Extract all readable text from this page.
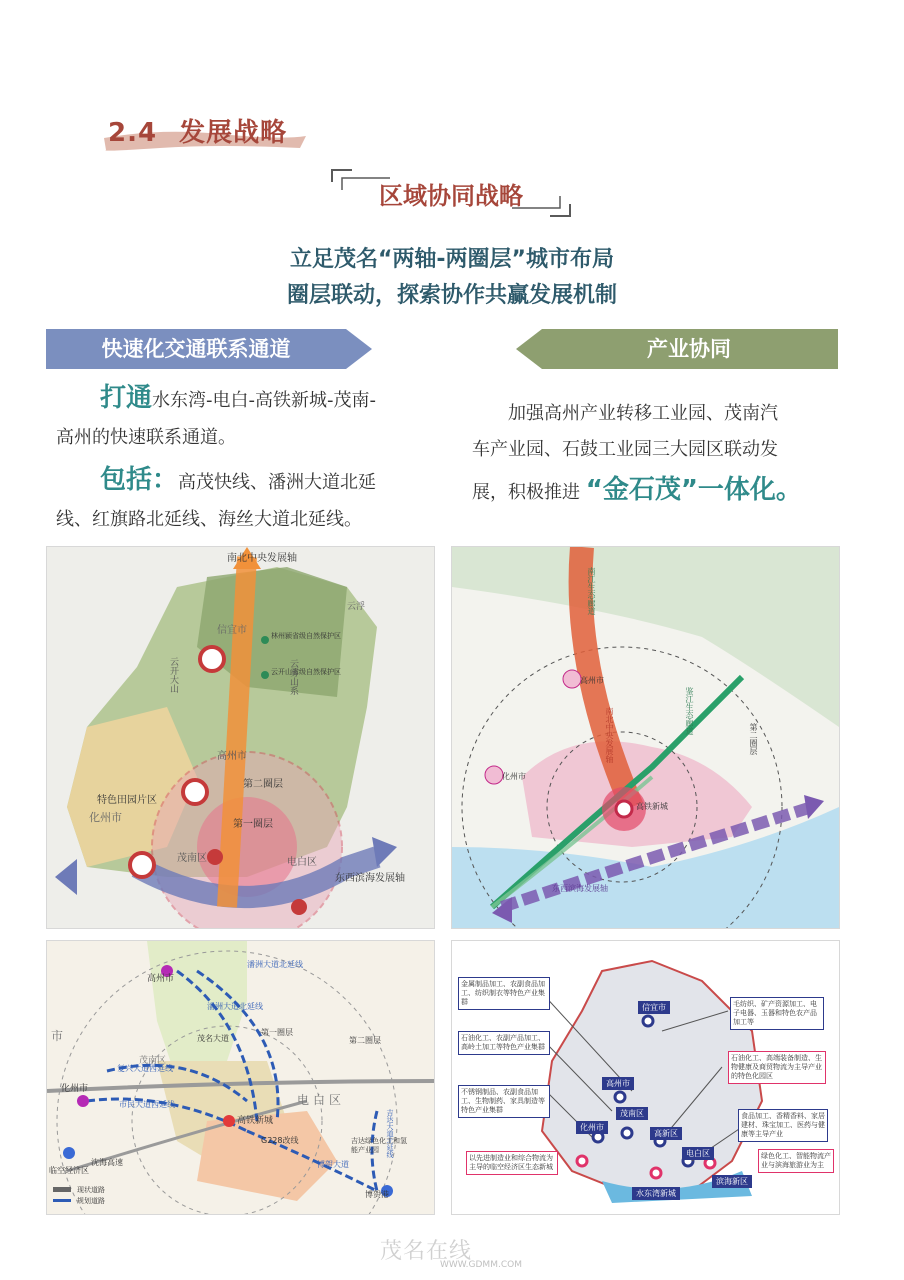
2.4 发展战略
区域协同战略
立足茂名“两轴-两圈层”城市布局
圈层联动，探索协作共赢发展机制
快速化交通联系通道	产业协同
打通水东湾-电白-高铁新城-茂南-
高州的快速联系通道。
包括：高茂快线、潘洲大道北延
线、红旗路北延线、海丝大道北延线。
加强高州产业转移工业园、茂南汽
车产业园、石鼓工业园三大园区联动发
展，积极推进 “金石茂”一体化。
南北中央发展轴
东西滨海发展轴
第二圈层
第一圈层
特色田园片区
化州市
信宜市
高州市
茂南区	电白区
林州颍省级自然保护区
云开山省级自然保护区
云开大山	云雾山系
云浮
高州市
化州市
南北中央发展轴
东西滨海发展轴
南江生态廊道
鉴江生态廊道
第二圈层
高铁新城
高州市
化州市
茂南区
电白区
高铁新城
第二圈层
第一圈层
潘洲大道北延线
潘洲大道北延线
复兴大道西延线
市民大道西延线
G228改线
沈海高速	博贺大道
吉达大道北延线
茂名大道
临空经济区
博贺港
吉达绿色化工和氢能产业园
市
现状道路
规划道路
信宜市
高州市
化州市
茂南区
高新区
电白区
水东湾新城
滨海新区
金属制品加工、农副食品加工、纺织制衣等特色产业集群
石油化工、农副产品加工、高岭土加工等特色产业集群
不锈钢制品、农副食品加工、生物制药、家具制造等特色产业集群
以先进制造业和综合物流为主导的临空经济区生态新城
毛纺织、矿产资源加工、电子电器、玉器和特色农产品加工等
石油化工、高端装备制造、生物健康及商贸物流为主导产业的特色化园区
食品加工、香精香料、家居建材、珠宝加工、医药与健康等主导产业
绿色化工、智能物流产业与滨海旅游业为主
茂名在线
WWW.GDMM.COM
